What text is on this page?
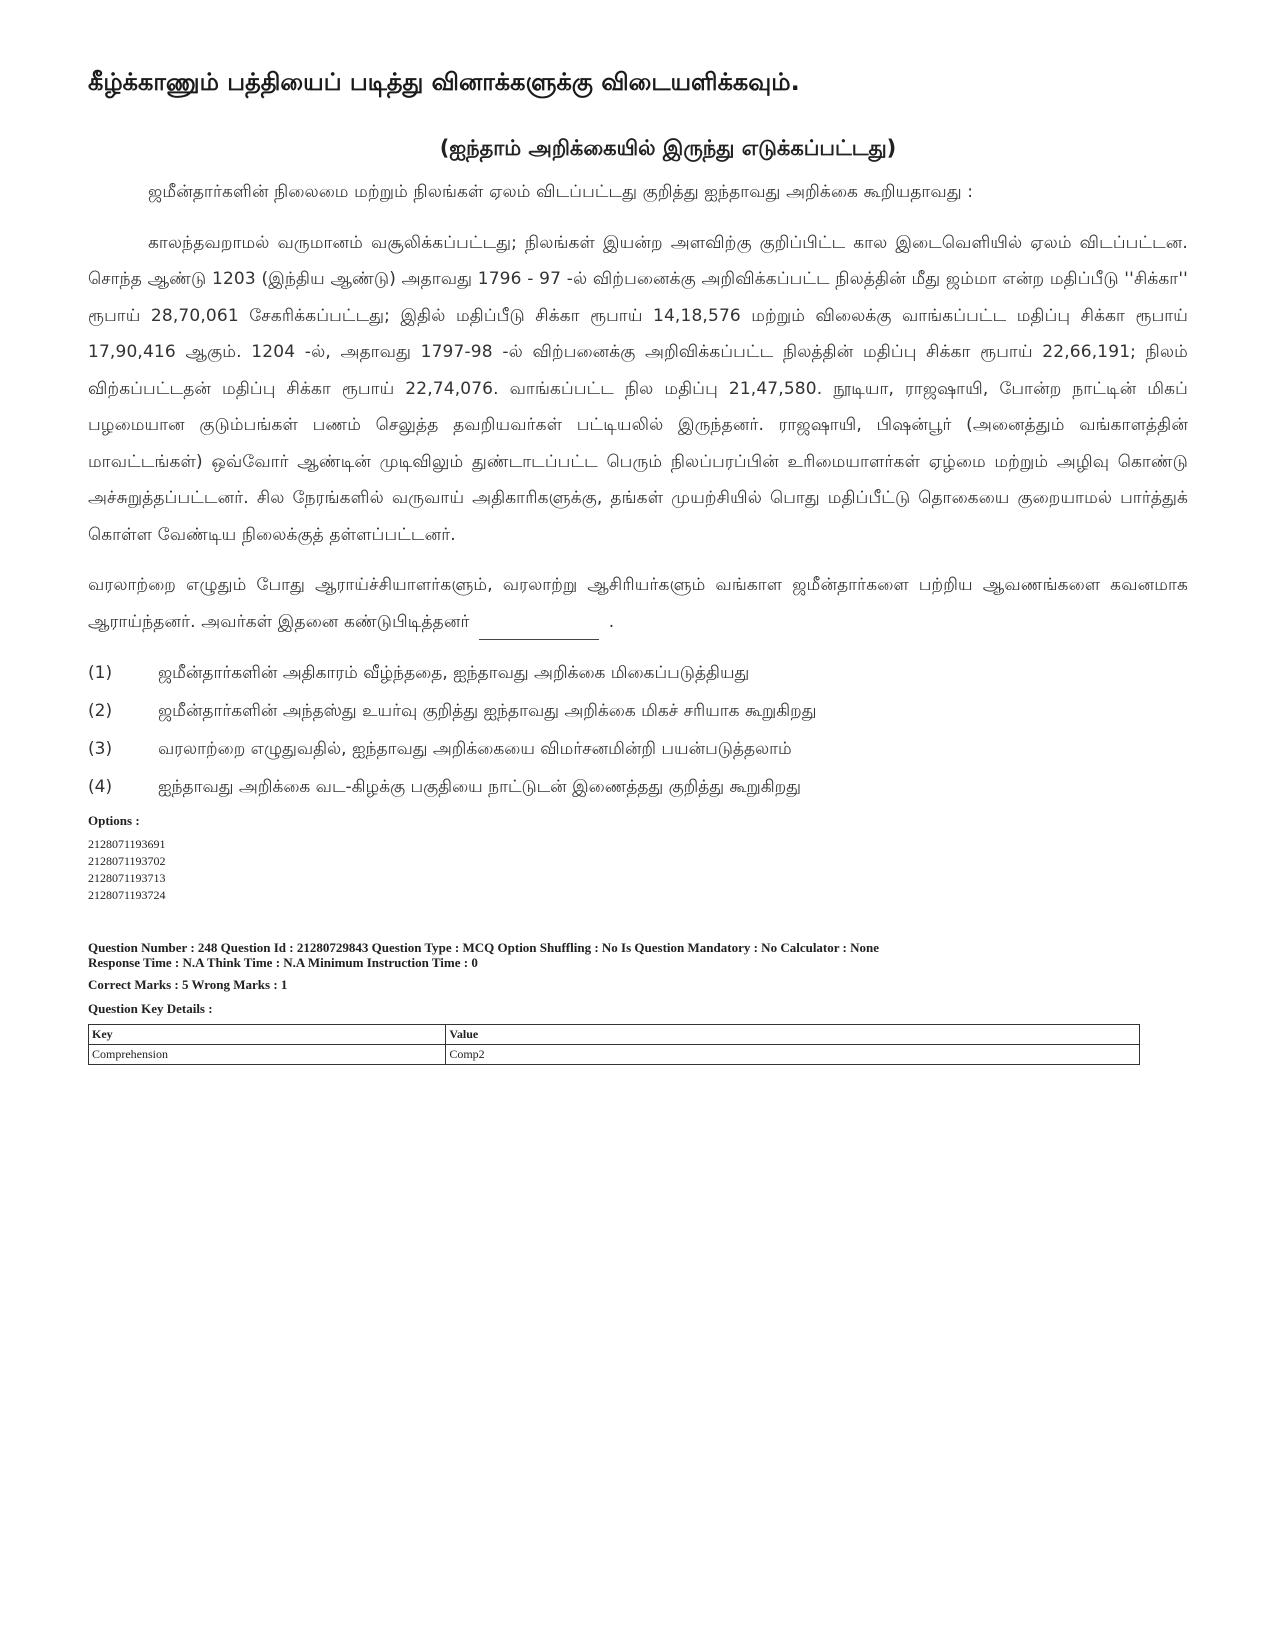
கீழ்க்காணும் பத்தியைப் படித்து வினாக்களுக்கு விடையளிக்கவும்.

(ஐந்தாம் அறிக்கையில் இருந்து எடுக்கப்பட்டது)

ஜமீன்தார்களின் நிலைமை மற்றும் நிலங்கள் ஏலம் விடப்பட்டது குறித்து ஐந்தாவது அறிக்கை கூறியதாவது :

காலந்தவறாமல் வருமானம் வசூலிக்கப்பட்டது; நிலங்கள் இயன்ற அளவிற்கு குறிப்பிட்ட கால இடைவெளியில் ஏலம் விடப்பட்டன. சொந்த ஆண்டு 1203 (இந்திய ஆண்டு) அதாவது 1796 - 97 -ல் விற்பனைக்கு அறிவிக்கப்பட்ட நிலத்தின் மீது ஜம்மா என்ற மதிப்பீடு ''சிக்கா'' ரூபாய் 28,70,061 சேகரிக்கப்பட்டது; இதில் மதிப்பீடு சிக்கா ரூபாய் 14,18,576 மற்றும் விலைக்கு வாங்கப்பட்ட மதிப்பு சிக்கா ரூபாய் 17,90,416 ஆகும். 1204 -ல், அதாவது 1797-98 -ல் விற்பனைக்கு அறிவிக்கப்பட்ட நிலத்தின் மதிப்பு சிக்கா ரூபாய் 22,66,191; நிலம் விற்கப்பட்டதன் மதிப்பு சிக்கா ரூபாய் 22,74,076. வாங்கப்பட்ட நில மதிப்பு 21,47,580. நூடியா, ராஜஷாயி, போன்ற நாட்டின் மிகப் பழமையான குடும்பங்கள் பணம் செலுத்த தவறியவர்கள் பட்டியலில் இருந்தனர். ராஜஷாயி, பிஷன்பூர் (அனைத்தும் வங்காளத்தின் மாவட்டங்கள்) ஒவ்வோர் ஆண்டின் முடிவிலும் துண்டாடப்பட்ட பெரும் நிலப்பரப்பின் உரிமையாளர்கள் ஏழ்மை மற்றும் அழிவு கொண்டு அச்சுறுத்தப்பட்டனர். சில நேரங்களில் வருவாய் அதிகாரிகளுக்கு, தங்கள் முயற்சியில் பொது மதிப்பீட்டு தொகையை குறையாமல் பார்த்துக் கொள்ள வேண்டிய நிலைக்குத் தள்ளப்பட்டனர்.

வரலாற்றை எழுதும் போது ஆராய்ச்சியாளர்களும், வரலாற்று ஆசிரியர்களும் வங்காள ஜமீன்தார்களை பற்றிய ஆவணங்களை கவனமாக ஆராய்ந்தனர். அவர்கள் இதனை கண்டுபிடித்தனர்	.

(1)	ஜமீன்தார்களின் அதிகாரம் வீழ்ந்ததை, ஐந்தாவது அறிக்கை மிகைப்படுத்தியது
(2)	ஜமீன்தார்களின் அந்தஸ்து உயர்வு குறித்து ஐந்தாவது அறிக்கை மிகச் சரியாக கூறுகிறது
(3)	வரலாற்றை எழுதுவதில், ஐந்தாவது அறிக்கையை விமர்சனமின்றி பயன்படுத்தலாம்
(4)	ஐந்தாவது அறிக்கை வட-கிழக்கு பகுதியை நாட்டுடன் இணைத்தது குறித்து கூறுகிறது
Options :
2128071193691
2128071193702
2128071193713
2128071193724
Question Number : 248 Question Id : 21280729843 Question Type : MCQ Option Shuffling : No Is Question Mandatory : No Calculator : None
Response Time : N.A Think Time : N.A Minimum Instruction Time : 0
Correct Marks : 5 Wrong Marks : 1
Question Key Details :
Key	Value
Comprehension	Comp2
